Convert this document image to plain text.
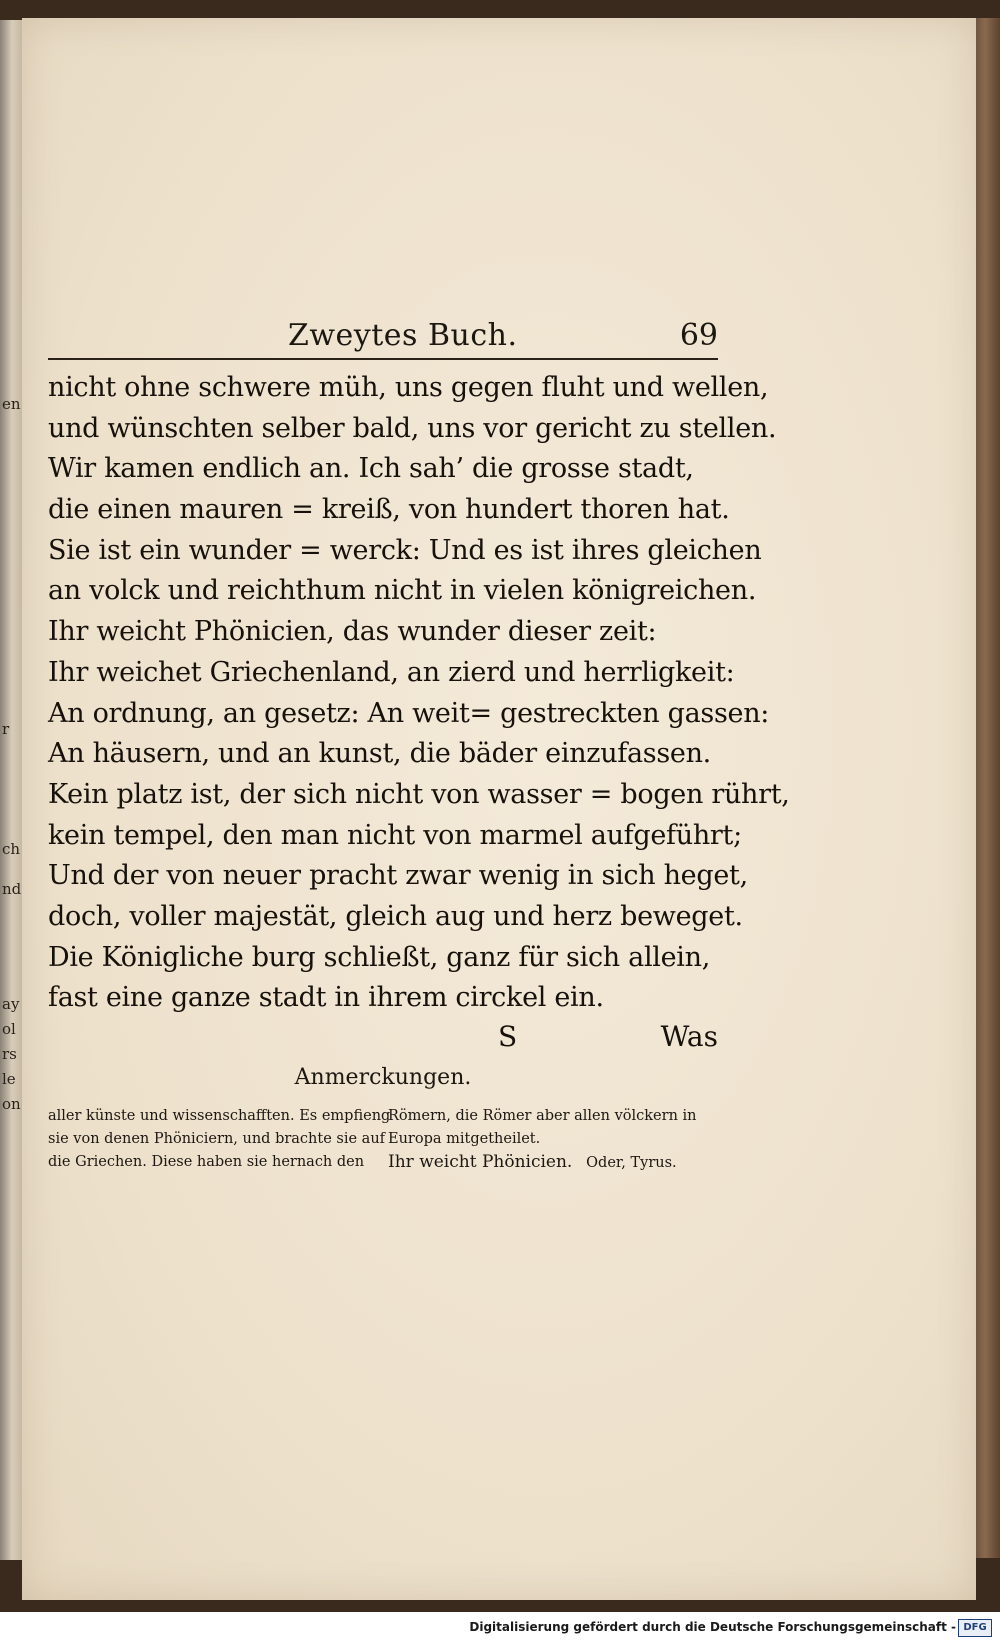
en
r
ch
nd
ay
ol
rs
le
on
Zweytes Buch.	69
nicht ohne schwere müh, uns gegen fluht und wellen,
und wünschten selber bald, uns vor gericht zu stellen.
Wir kamen endlich an. Ich sah’ die grosse stadt,
die einen mauren = kreiß, von hundert thoren hat.
Sie ist ein wunder = werck: Und es ist ihres gleichen
an volck und reichthum nicht in vielen königreichen.
Ihr weicht Phönicien, das wunder dieser zeit:
Ihr weichet Griechenland, an zierd und herrligkeit:
An ordnung, an gesetz: An weit= gestreckten gassen:
An häusern, und an kunst, die bäder einzufassen.
Kein platz ist, der sich nicht von wasser = bogen rührt,
kein tempel, den man nicht von marmel aufgeführt;
Und der von neuer pracht zwar wenig in sich heget,
doch, voller majestät, gleich aug und herz beweget.
Die Königliche burg schließt, ganz für sich allein,
fast eine ganze stadt in ihrem circkel ein.
S	Was
Anmerckungen.
aller künste und wissenschafften. Es empfieng
sie von denen Phöniciern, und brachte sie auf
die Griechen. Diese haben sie hernach den
Römern, die Römer aber allen völckern in
Europa mitgetheilet.
Ihr weicht Phönicien. Oder, Tyrus.
Digitalisierung gefördert durch die Deutsche Forschungsgemeinschaft - DFG
